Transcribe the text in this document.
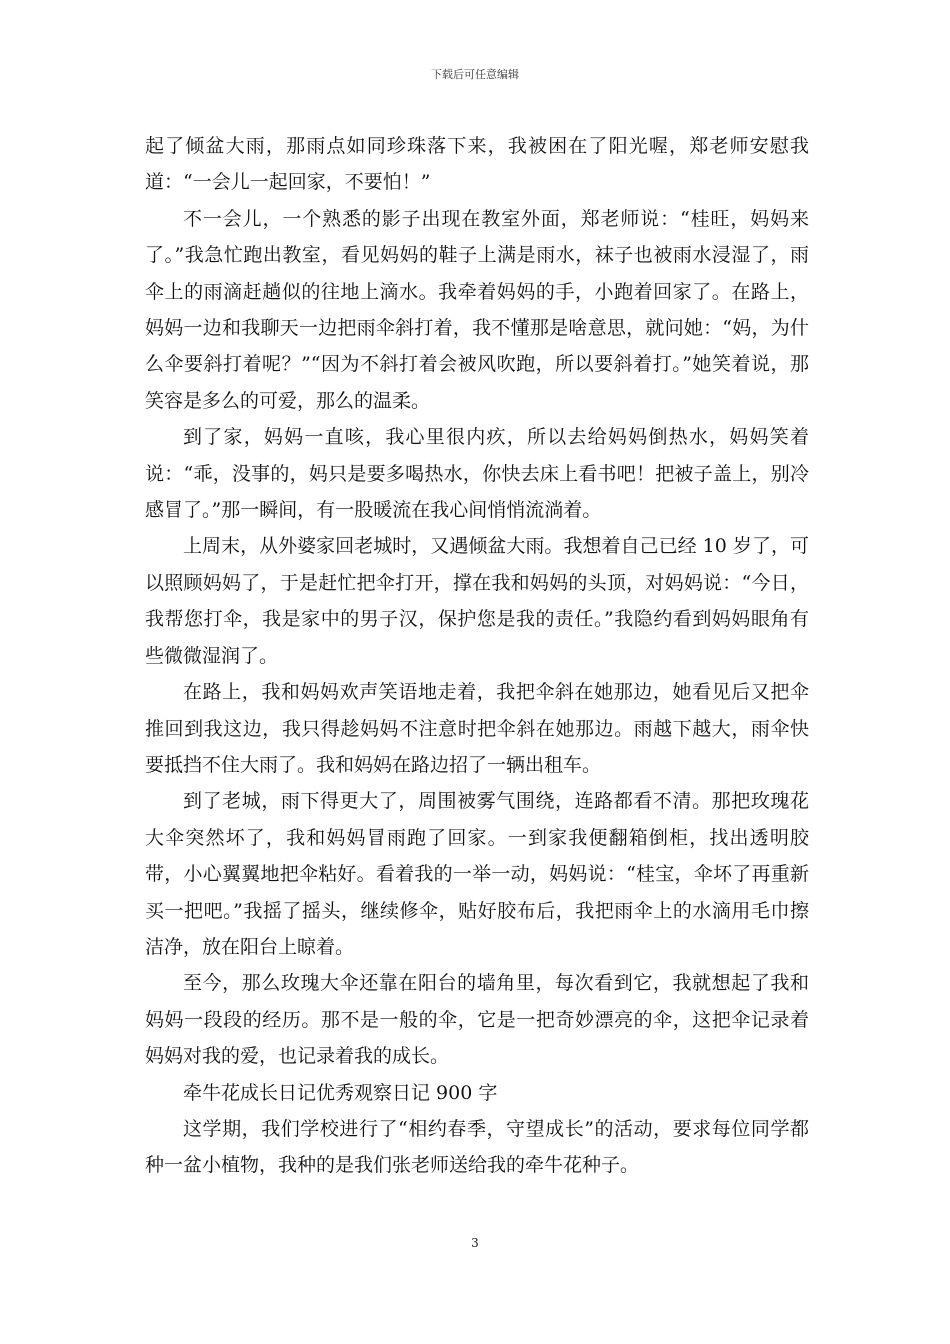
下载后可任意编辑

起了倾盆大雨，那雨点如同珍珠落下来，我被困在了阳光喔，郑老师安慰我道：“一会儿一起回家，不要怕！”

不一会儿，一个熟悉的影子出现在教室外面，郑老师说：“桂旺，妈妈来了。”我急忙跑出教室，看见妈妈的鞋子上满是雨水，袜子也被雨水浸湿了，雨伞上的雨滴赶趟似的往地上滴水。我牵着妈妈的手，小跑着回家了。在路上，妈妈一边和我聊天一边把雨伞斜打着，我不懂那是啥意思，就问她：“妈，为什么伞要斜打着呢？”“因为不斜打着会被风吹跑，所以要斜着打。”她笑着说，那笑容是多么的可爱，那么的温柔。

到了家，妈妈一直咳，我心里很内疚，所以去给妈妈倒热水，妈妈笑着说：“乖，没事的，妈只是要多喝热水，你快去床上看书吧！把被子盖上，别冷感冒了。”那一瞬间，有一股暖流在我心间悄悄流淌着。

上周末，从外婆家回老城时，又遇倾盆大雨。我想着自己已经 10 岁了，可以照顾妈妈了，于是赶忙把伞打开，撑在我和妈妈的头顶，对妈妈说：“今日，我帮您打伞，我是家中的男子汉，保护您是我的责任。”我隐约看到妈妈眼角有些微微湿润了。

在路上，我和妈妈欢声笑语地走着，我把伞斜在她那边，她看见后又把伞推回到我这边，我只得趁妈妈不注意时把伞斜在她那边。雨越下越大，雨伞快要抵挡不住大雨了。我和妈妈在路边招了一辆出租车。

到了老城，雨下得更大了，周围被雾气围绕，连路都看不清。那把玫瑰花大伞突然坏了，我和妈妈冒雨跑了回家。一到家我便翻箱倒柜，找出透明胶带，小心翼翼地把伞粘好。看着我的一举一动，妈妈说：“桂宝，伞坏了再重新买一把吧。”我摇了摇头，继续修伞，贴好胶布后，我把雨伞上的水滴用毛巾擦洁净，放在阳台上晾着。

至今，那么玫瑰大伞还靠在阳台的墙角里，每次看到它，我就想起了我和妈妈一段段的经历。那不是一般的伞，它是一把奇妙漂亮的伞，这把伞记录着妈妈对我的爱，也记录着我的成长。

牵牛花成长日记优秀观察日记 900 字

这学期，我们学校进行了“相约春季，守望成长”的活动，要求每位同学都种一盆小植物，我种的是我们张老师送给我的牵牛花种子。

3
